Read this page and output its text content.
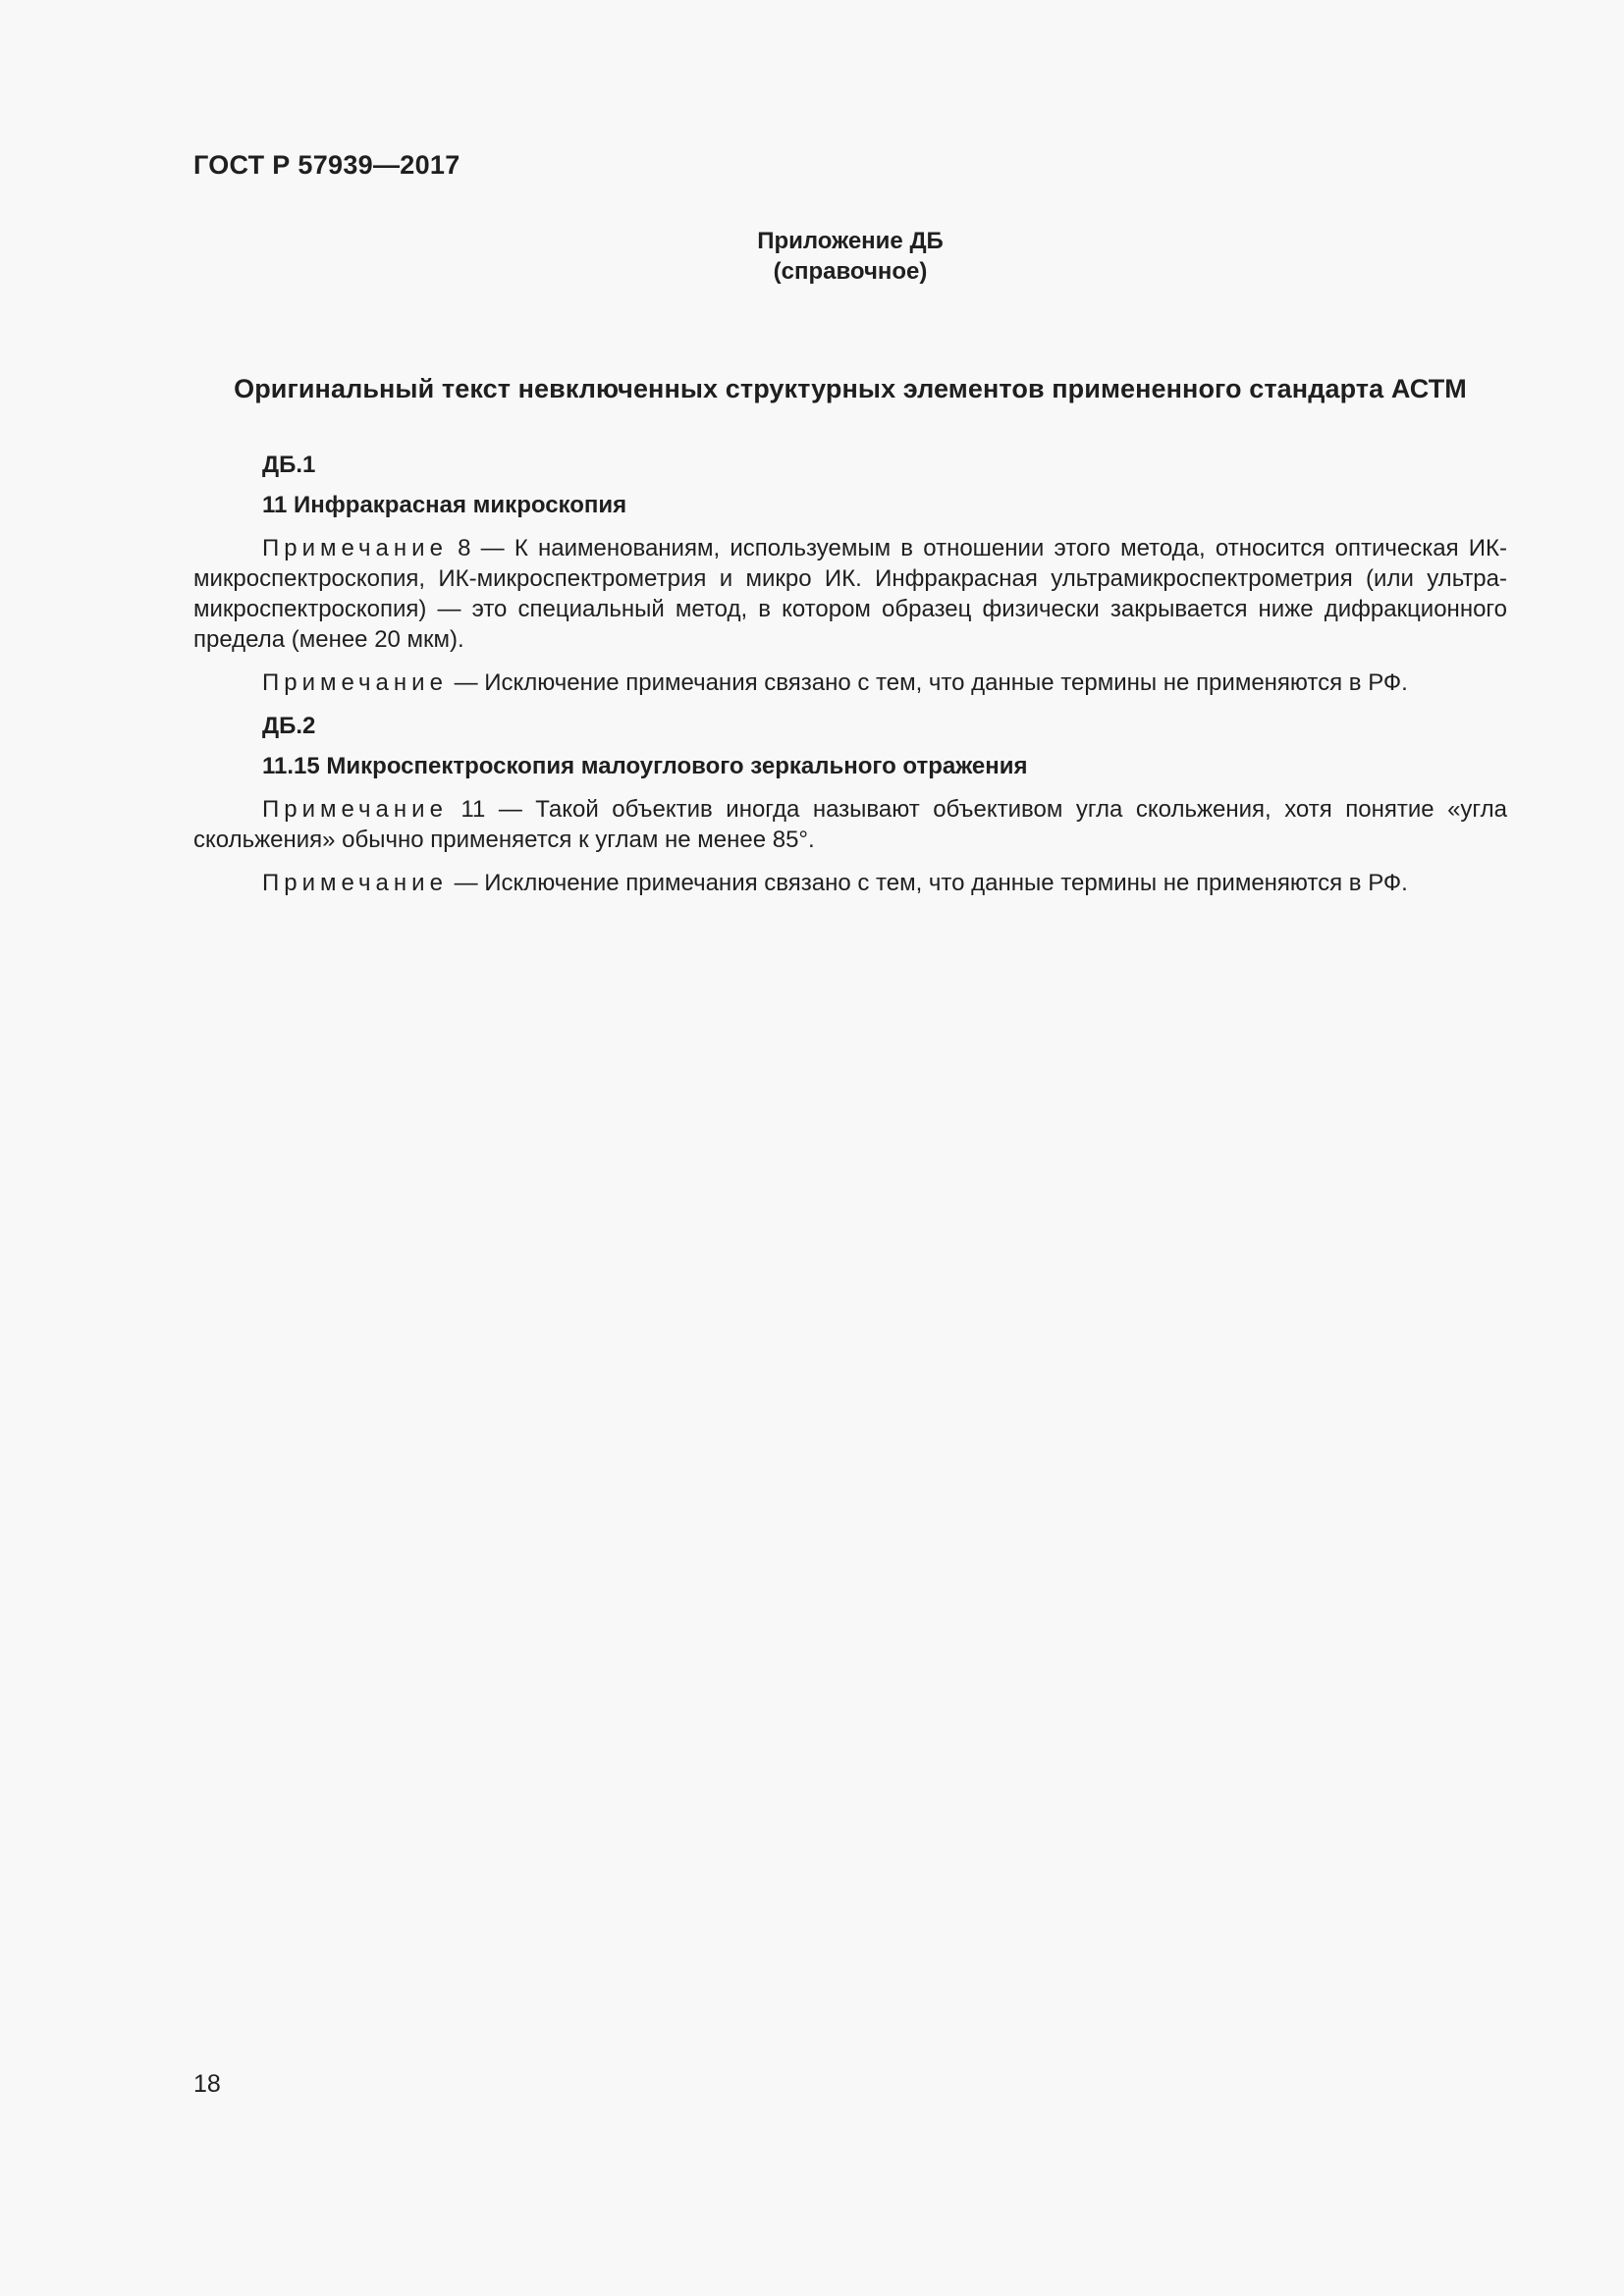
ГОСТ Р 57939—2017
Приложение ДБ
(справочное)
Оригинальный текст невключенных структурных элементов примененного стандарта АСТМ

ДБ.1

11 Инфракрасная микроскопия

Примечание 8 — К наименованиям, используемым в отношении этого метода, относится оптическая ИК-микроспектроскопия, ИК-микроспектрометрия и микро ИК. Инфракрасная ультрамикроспектрометрия (или ультра-микроспектроскопия) — это специальный метод, в котором образец физически закрывается ниже дифракционного предела (менее 20 мкм).

Примечание — Исключение примечания связано с тем, что данные термины не применяются в РФ.

ДБ.2

11.15 Микроспектроскопия малоуглового зеркального отражения

Примечание 11 — Такой объектив иногда называют объективом угла скольжения, хотя понятие «угла скольжения» обычно применяется к углам не менее 85°.

Примечание — Исключение примечания связано с тем, что данные термины не применяются в РФ.

18
